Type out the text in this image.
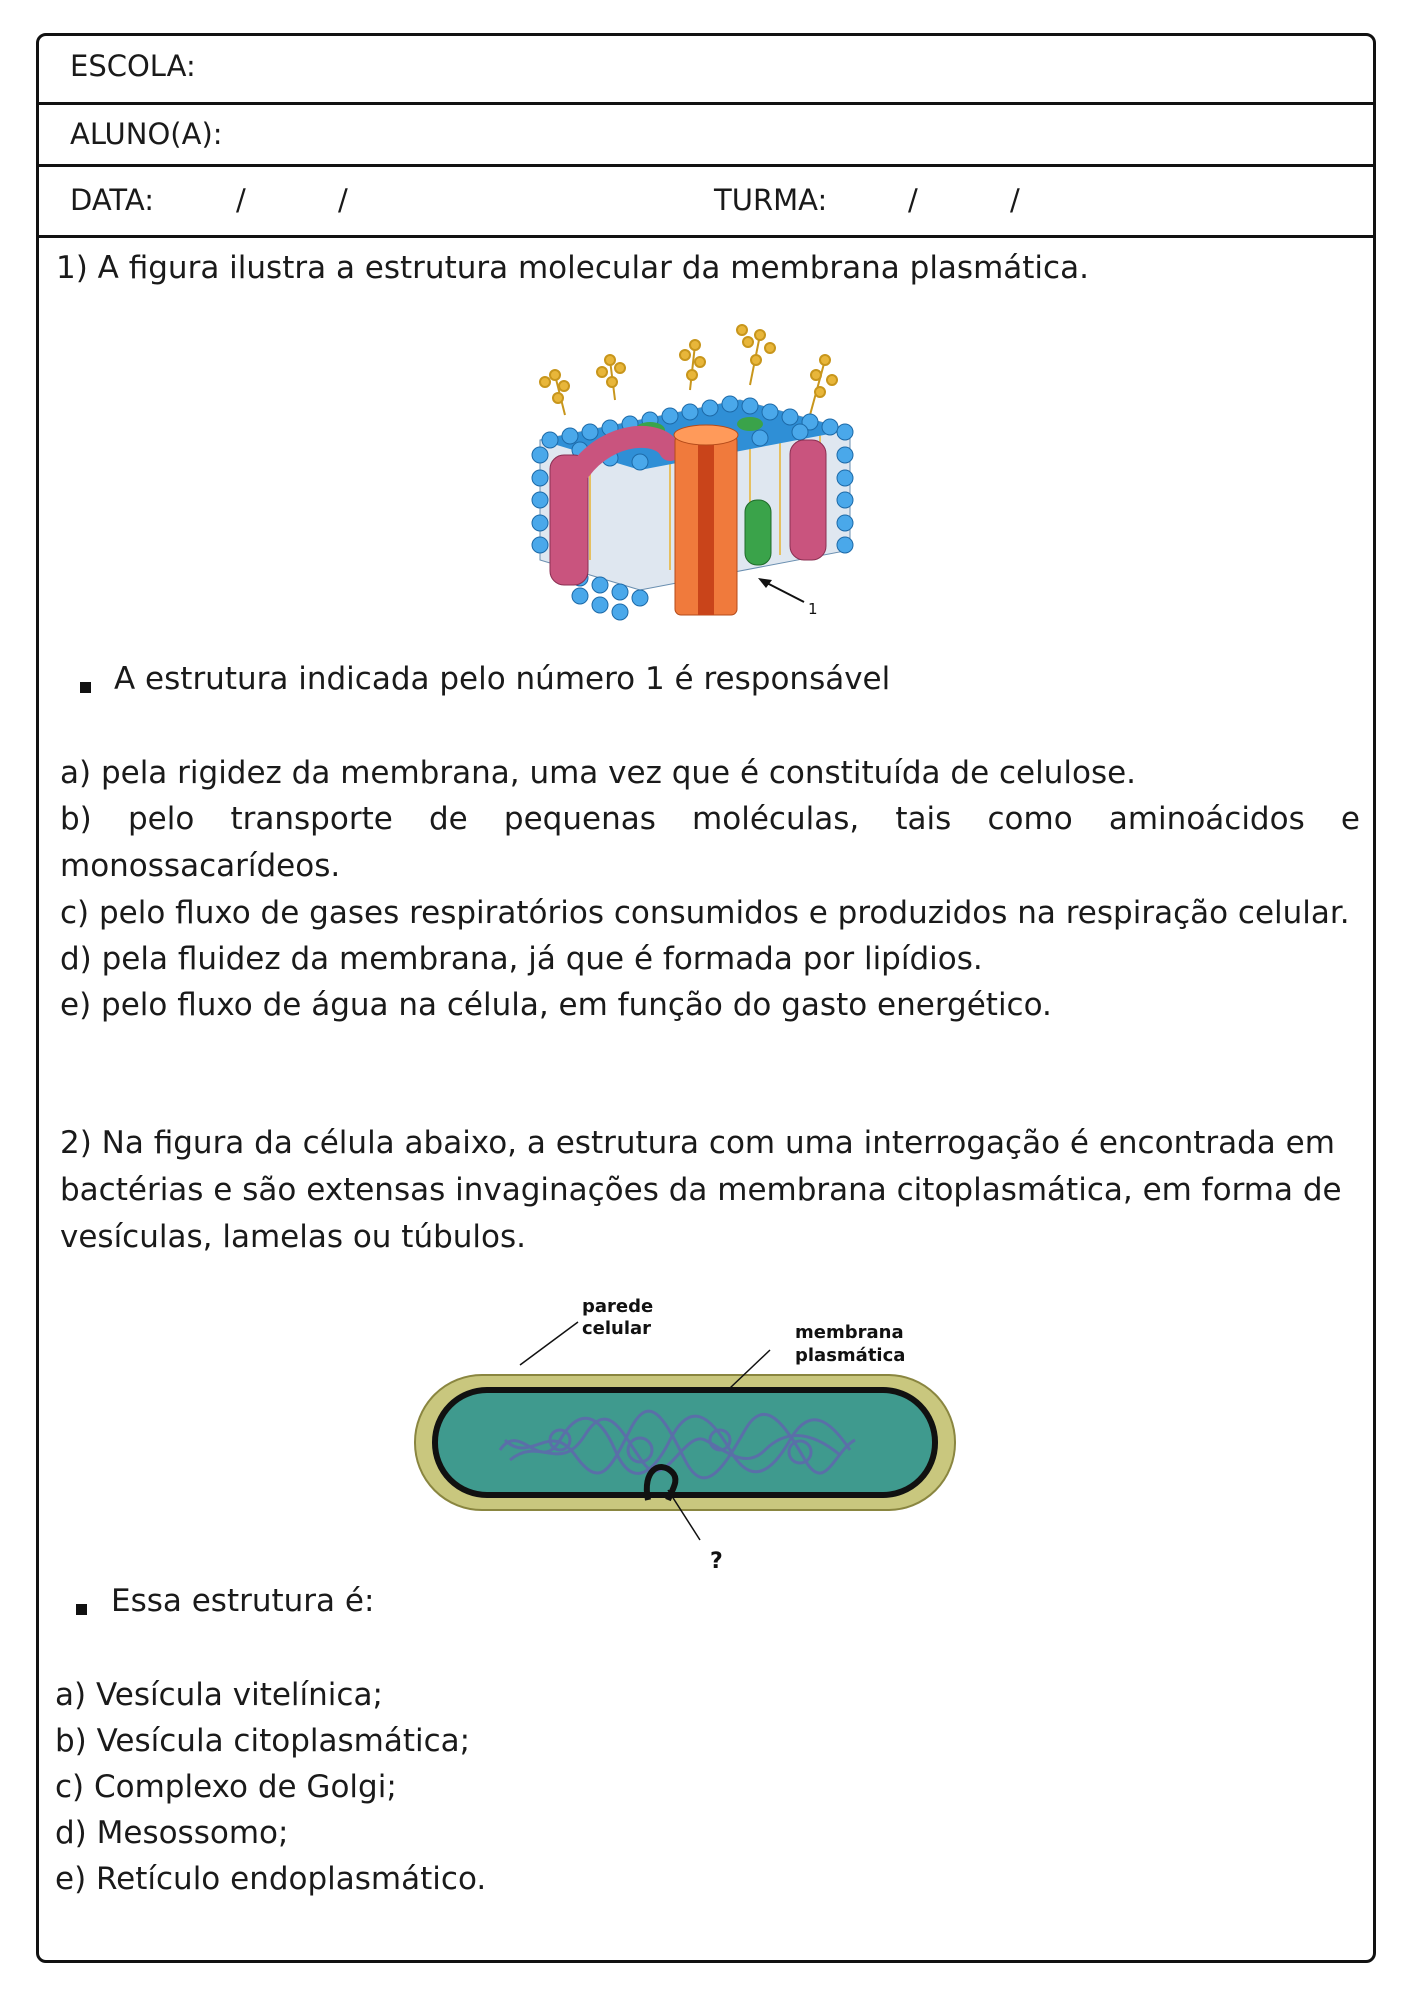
ESCOLA:
ALUNO(A):
DATA:	/          /	TURMA:	/          /
1) A figura ilustra a estrutura molecular da membrana plasmática.
1
A estrutura indicada pelo número 1 é responsável
a) pela rigidez da membrana, uma vez que é constituída de celulose.
b) pelo transporte de pequenas moléculas, tais como aminoácidos e monossacarídeos.
c) pelo fluxo de gases respiratórios consumidos e produzidos na respiração celular.
d) pela fluidez da membrana, já que é formada por lipídios.
e) pelo fluxo de água na célula, em função do gasto energético.
2) Na figura da célula abaixo, a estrutura com uma interrogação é encontrada em bactérias e são extensas invaginações da membrana citoplasmática, em forma de vesículas, lamelas ou túbulos.
parede
celular	membrana
plasmática
?
Essa estrutura é:
a) Vesícula vitelínica;
b) Vesícula citoplasmática;
c) Complexo de Golgi;
d) Mesossomo;
e) Retículo endoplasmático.
